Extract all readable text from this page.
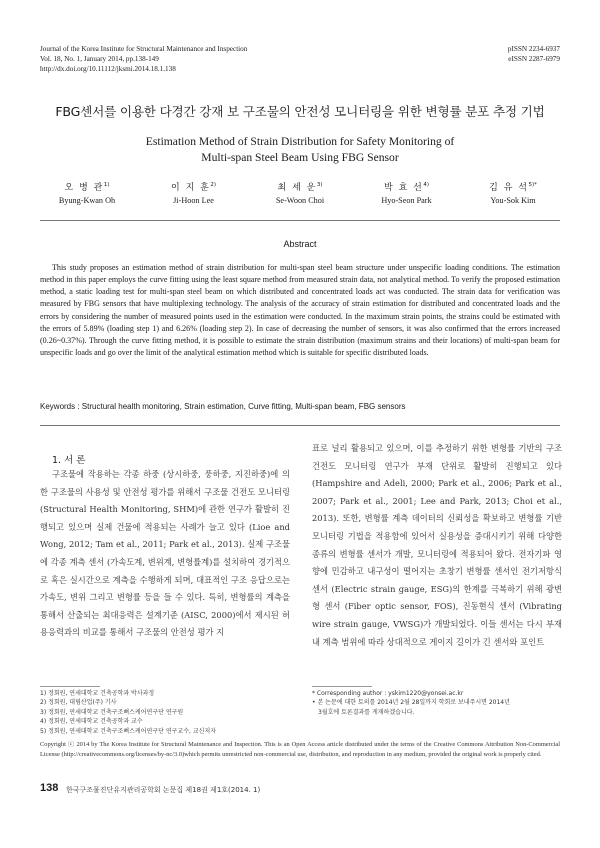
Journal of the Korea Institute for Structural Maintenance and Inspection
Vol. 18, No. 1, January 2014, pp.138-149
http://dx.doi.org/10.11112/jksmi.2014.18.1.138
pISSN 2234-6937
eISSN 2287-6979
FBG센서를 이용한 다경간 강재 보 구조물의 안전성 모니터링을 위한 변형률 분포 추정 기법
Estimation Method of Strain Distribution for Safety Monitoring of
Multi-span Steel Beam Using FBG Sensor
오 병 관$^{1)}$
Byung-Kwan Oh
이 지 훈$^{2)}$
Ji-Hoon Lee
최 세 운$^{3)}$
Se-Woon Choi
박 효 선$^{4)}$
Hyo-Seon Park
김 유 석$^{5)*}$
You-Sok Kim
Abstract
This study proposes an estimation method of strain distribution for multi-span steel beam structure under unspecific loading conditions. The estimation method in this paper employs the curve fitting using the least square method from measured strain data, not analytical method. To verify the proposed estimation method, a static loading test for multi-span steel beam on which distributed and concentrated loads act was conducted. The strain data for verification was measured by FBG sensors that have multiplexing technology. The analysis of the accuracy of strain estimation for distributed and concentrated loads and the errors by considering the number of measured points used in the estimation were conducted. In the maximum strain points, the strains could be estimated with the errors of 5.89% (loading step 1) and 6.26% (loading step 2). In case of decreasing the number of sensors, it was also confirmed that the errors increased (0.26~0.37%). Through the curve fitting method, it is possible to estimate the strain distribution (maximum strains and their locations) of multi-span beam for unspecific loads and go over the limit of the analytical estimation method which is suitable for specific distributed loads.
Keywords : Structural health monitoring, Strain estimation, Curve fitting, Multi-span beam, FBG sensors
1. 서 론

구조물에 작용하는 각종 하중 (상시하중, 풍하중, 지진하중)에 의한 구조물의 사용성 및 안전성 평가를 위해서 구조물 건전도 모니터링 (Structural Health Monitoring, SHM)에 관한 연구가 활발히 진행되고 있으며 실제 건물에 적용되는 사례가 늘고 있다 (Lioe and Wong, 2012; Tam et al., 2011; Park et al., 2013). 실제 구조물에 각종 계측 센서 (가속도계, 변위계, 변형률계)를 설치하여 경기적으로 혹은 실시간으로 계측을 수행하게 되며, 대표적인 구조 응답으로는 가속도, 변위 그리고 변형률 등을 들 수 있다. 특히, 변형률의 계측을 통해서 산출되는 최대응력은 설계기준 (AISC, 2000)에서 제시된 허용응력과의 비교를 통해서 구조물의 안전성 평가 지

표로 널리 활용되고 있으며, 이를 추정하기 위한 변형률 기반의 구조 건전도 모니터링 연구가 부재 단위로 활발히 진행되고 있다 (Hampshire and Adeli, 2000; Park et al., 2006; Park et al., 2007; Park et al., 2001; Lee and Park, 2013; Choi et al., 2013). 또한, 변형률 계측 데이터의 신뢰성을 확보하고 변형률 기반 모니터링 기법을 적용함에 있어서 실용성을 증대시키기 위해 다양한 종류의 변형률 센서가 개발, 모니터링에 적용되어 왔다. 전자기파 영향에 민감하고 내구성이 떨어지는 초창기 변형률 센서인 전기저항식 센서 (Electric strain gauge, ESG)의 한계를 극복하기 위해 광변형 센서 (Fiber optic sensor, FOS), 진동현식 센서 (Vibrating wire strain gauge, VWSG)가 개발되었다. 이들 센서는 다시 부재 내 계측 범위에 따라 상대적으로 게이지 길이가 긴 센서와 포인트

1) 정회원, 연세대학교 건축공학과 박사과정
2) 정회원, 대림산업(주) 기사
3) 정회원, 연세대학교 건축구조뼈스케어연구단 연구원
4) 정회원, 연세대학교 건축공학과 교수
5) 정회원, 연세대학교 건축구조뼈스케어연구단 연구교수, 교신저자
* Corresponding author : yskim1220@yonsei.ac.kr
• 본 논문에 대한 토의를 2014년 2월 28일까지 학회로 보내주시면 2014년
3월호에 토론결과를 게재하겠습니다.
Copyright ⓒ 2014 by The Korea Institute for Structural Maintenance and Inspection. This is an Open Access article distributed under the terms of the Creative Commons Attribution Non-Commercial License (http://creativecommons.org/licenses/by-nc/3.0)which permits unrestricted non-commercial use, distribution, and reproduction in any medium, provided the original work is properly cited.
138 한국구조물진단유지관리공학회 논문집 제18권 제1호(2014. 1)
